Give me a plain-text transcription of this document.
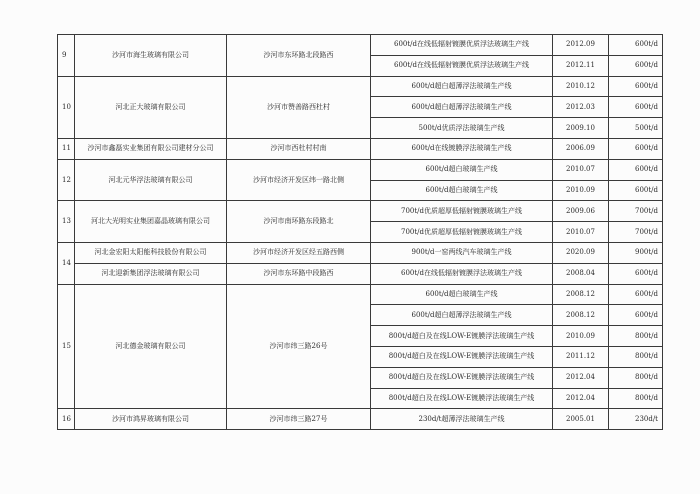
9	沙河市海生玻璃有限公司	沙河市东环路北段路西	600t/d在线低辐射镀膜优质浮法玻璃生产线	2012.09	600t/d
			600t/d在线低辐射镀膜优质浮法玻璃生产线	2012.11	600t/d
10	河北正大玻璃有限公司	沙河市赞善路西杜村	600t/d超白超薄浮法玻璃生产线	2010.12	600t/d
			600t/d超白超薄浮法玻璃生产线	2012.03	600t/d
			500t/d优质浮法玻璃生产线	2009.10	500t/d
11	沙河市鑫磊实业集团有限公司建材分公司	沙河市西杜村村南	600t/d在线镀膜浮法玻璃生产线	2006.09	600t/d
12	河北元华浮法玻璃有限公司	沙河市经济开发区纬一路北侧	600t/d超白玻璃生产线	2010.07	600t/d
			600t/d超白玻璃生产线	2010.09	600t/d
13	河北大光明实业集团嘉晶玻璃有限公司	沙河市南环路东段路北	700t/d优质超厚低辐射镀膜玻璃生产线	2009.06	700t/d
			700t/d优质超厚低辐射镀膜玻璃生产线	2010.07	700t/d
14	河北金宏阳太阳能科技股份有限公司	沙河市经济开发区经五路西侧	900t/d一窑两线汽车玻璃生产线	2020.09	900t/d
	河北迎新集团浮法玻璃有限公司	沙河市东环路中段路西	600t/d在线低辐射镀膜浮法玻璃生产线	2008.04	600t/d
15	河北德金玻璃有限公司	沙河市纬三路26号	600t/d超白玻璃生产线	2008.12	600t/d
			600t/d超白超薄浮法玻璃生产线	2008.12	600t/d
			800t/d超白及在线LOW-E镀膜浮法玻璃生产线	2010.09	800t/d
			800t/d超白及在线LOW-E镀膜浮法玻璃生产线	2011.12	800t/d
			800t/d超白及在线LOW-E镀膜浮法玻璃生产线	2012.04	800t/d
			800t/d超白及在线LOW-E镀膜浮法玻璃生产线	2012.04	800t/d
16	沙河市鸿昇玻璃有限公司	沙河市纬三路27号	230d/t超薄浮法玻璃生产线	2005.01	230d/t
